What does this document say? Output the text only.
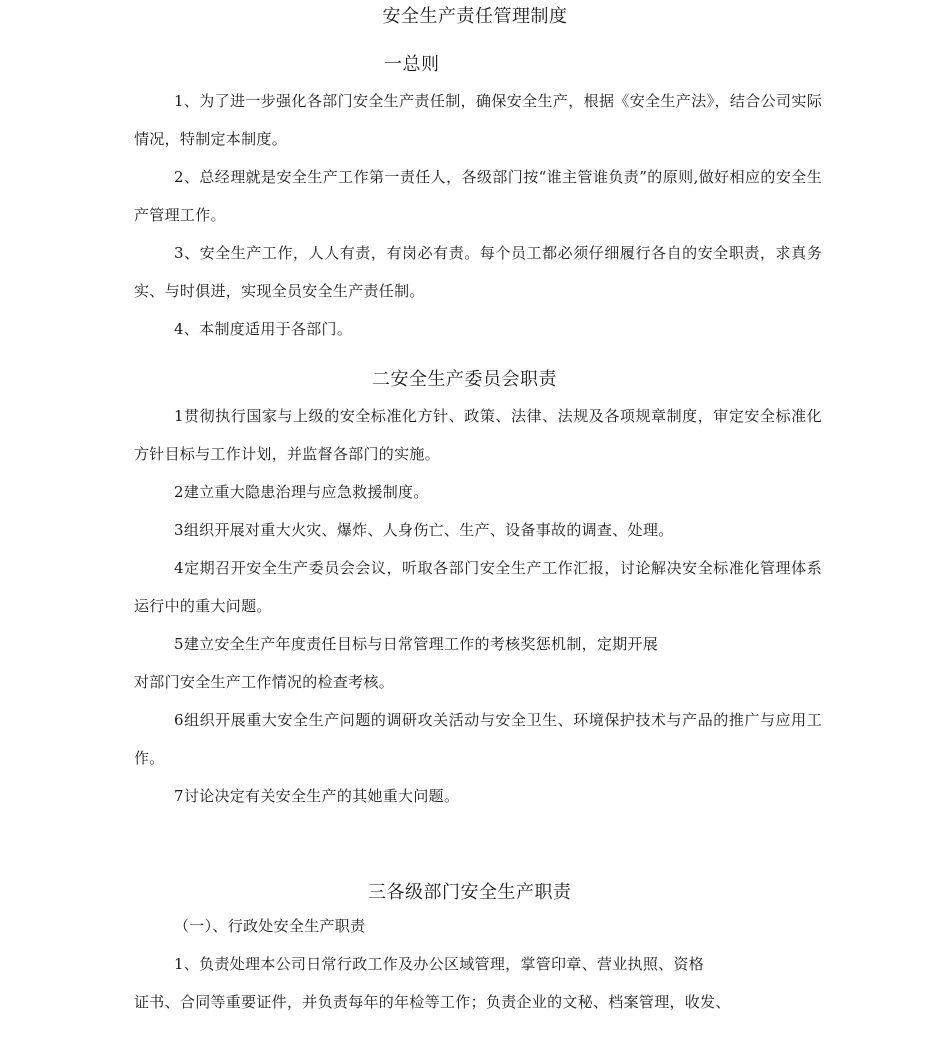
安全生产责任管理制度
一总则

1、为了进一步强化各部门安全生产责任制，确保安全生产，根据《安全生产法》，结合公司实际情况，特制定本制度。

2、总经理就是安全生产工作第一责任人，各级部门按“谁主管谁负责”的原则,做好相应的安全生产管理工作。

3、安全生产工作，人人有责，有岗必有责。每个员工都必须仔细履行各自的安全职责，求真务实、与时俱进，实现全员安全生产责任制。

4、本制度适用于各部门。

二安全生产委员会职责

1贯彻执行国家与上级的安全标准化方针、政策、法律、法规及各项规章制度，审定安全标准化方针目标与工作计划，并监督各部门的实施。

2建立重大隐患治理与应急救援制度。

3组织开展对重大火灾、爆炸、人身伤亡、生产、设备事故的调查、处理。

4定期召开安全生产委员会会议，听取各部门安全生产工作汇报，讨论解决安全标准化管理体系运行中的重大问题。

5建立安全生产年度责任目标与日常管理工作的考核奖惩机制，定期开展
对部门安全生产工作情况的检查考核。

6组织开展重大安全生产问题的调研攻关活动与安全卫生、环境保护技术与产品的推广与应用工作。

7讨论决定有关安全生产的其她重大问题。

三各级部门安全生产职责
（一）、行政处安全生产职责

1、负责处理本公司日常行政工作及办公区域管理，掌管印章、营业执照、资格
证书、合同等重要证件，并负责每年的年检等工作；负责企业的文秘、档案管理，收发、
